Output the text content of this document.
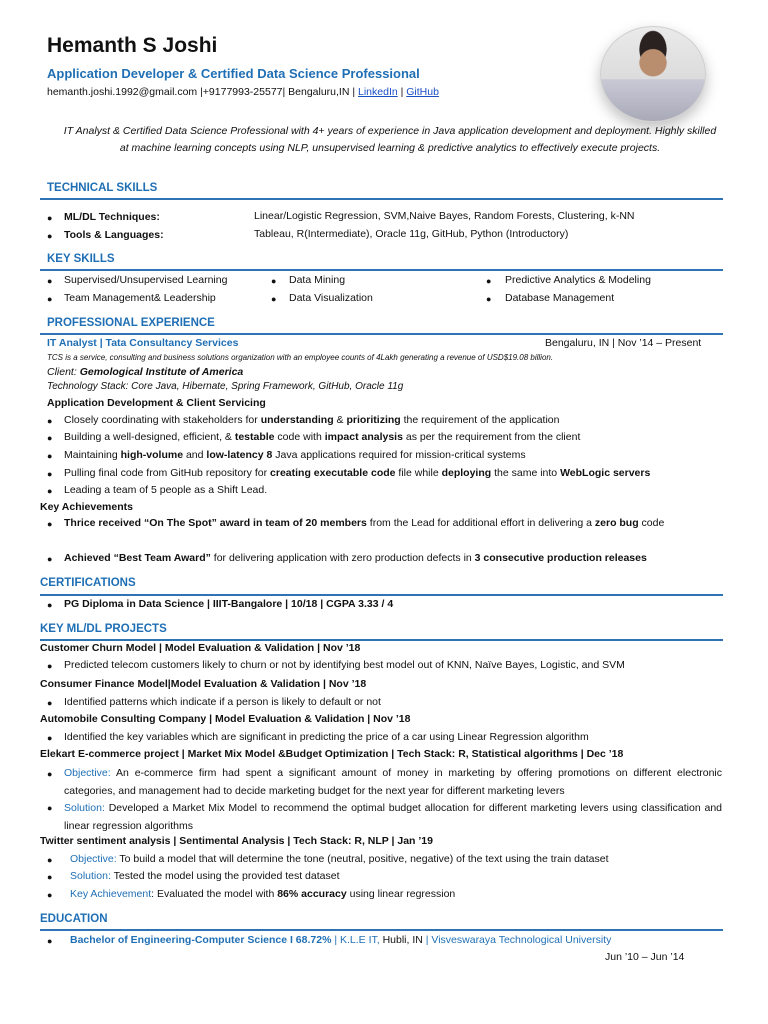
Hemanth S Joshi
Application Developer & Certified Data Science Professional
hemanth.joshi.1992@gmail.com |+9177993-25577| Bengaluru,IN | LinkedIn | GitHub
IT Analyst & Certified Data Science Professional with 4+ years of experience in Java application development and deployment. Highly skilled at machine learning concepts using NLP, unsupervised learning & predictive analytics to effectively execute projects.
TECHNICAL SKILLS
● ML/DL Techniques:	Linear/Logistic Regression, SVM,Naive Bayes, Random Forests, Clustering, k-NN
● Tools & Languages:	Tableau, R(Intermediate), Oracle 11g, GitHub, Python (Introductory)
KEY SKILLS
● Supervised/Unsupervised Learning	● Data Mining	● Predictive Analytics & Modeling
● Team Management& Leadership	● Data Visualization	● Database Management
PROFESSIONAL EXPERIENCE
IT Analyst | Tata Consultancy Services	Bengaluru, IN | Nov ’14 – Present
TCS is a service, consulting and business solutions organization with an employee counts of 4Lakh generating a revenue of USD$19.08 billion.
Client: Gemological Institute of America
Technology Stack: Core Java, Hibernate, Spring Framework, GitHub, Oracle 11g
Application Development & Client Servicing
● Closely coordinating with stakeholders for understanding & prioritizing the requirement of the application
● Building a well-designed, efficient, & testable code with impact analysis as per the requirement from the client
● Maintaining high-volume and low-latency 8 Java applications required for mission-critical systems
● Pulling final code from GitHub repository for creating executable code file while deploying the same into WebLogic servers
● Leading a team of 5 people as a Shift Lead.
Key Achievements
● Thrice received “On The Spot” award in team of 20 members from the Lead for additional effort in delivering a zero bug code
● Achieved “Best Team Award” for delivering application with zero production defects in 3 consecutive production releases
CERTIFICATIONS
● PG Diploma in Data Science | IIIT-Bangalore | 10/18 | CGPA 3.33 / 4
KEY ML/DL PROJECTS
Customer Churn Model | Model Evaluation & Validation | Nov ’18
● Predicted telecom customers likely to churn or not by identifying best model out of KNN, Naïve Bayes, Logistic, and SVM
Consumer Finance Model|Model Evaluation & Validation | Nov ’18
● Identified patterns which indicate if a person is likely to default or not
Automobile Consulting Company | Model Evaluation & Validation | Nov ’18
● Identified the key variables which are significant in predicting the price of a car using Linear Regression algorithm
Elekart E-commerce project | Market Mix Model &Budget Optimization | Tech Stack: R, Statistical algorithms | Dec ’18
● Objective: An e-commerce firm had spent a significant amount of money in marketing by offering promotions on different electronic categories, and management had to decide marketing budget for the next year for different marketing levers
● Solution: Developed a Market Mix Model to recommend the optimal budget allocation for different marketing levers using classification and linear regression algorithms
Twitter sentiment analysis | Sentimental Analysis | Tech Stack: R, NLP | Jan ’19
● Objective: To build a model that will determine the tone (neutral, positive, negative) of the text using the train dataset
● Solution: Tested the model using the provided test dataset
● Key Achievement: Evaluated the model with 86% accuracy using linear regression
EDUCATION
● Bachelor of Engineering-Computer Science I 68.72% | K.L.E IT, Hubli, IN | Visveswaraya Technological University
Jun ’10 – Jun ’14
